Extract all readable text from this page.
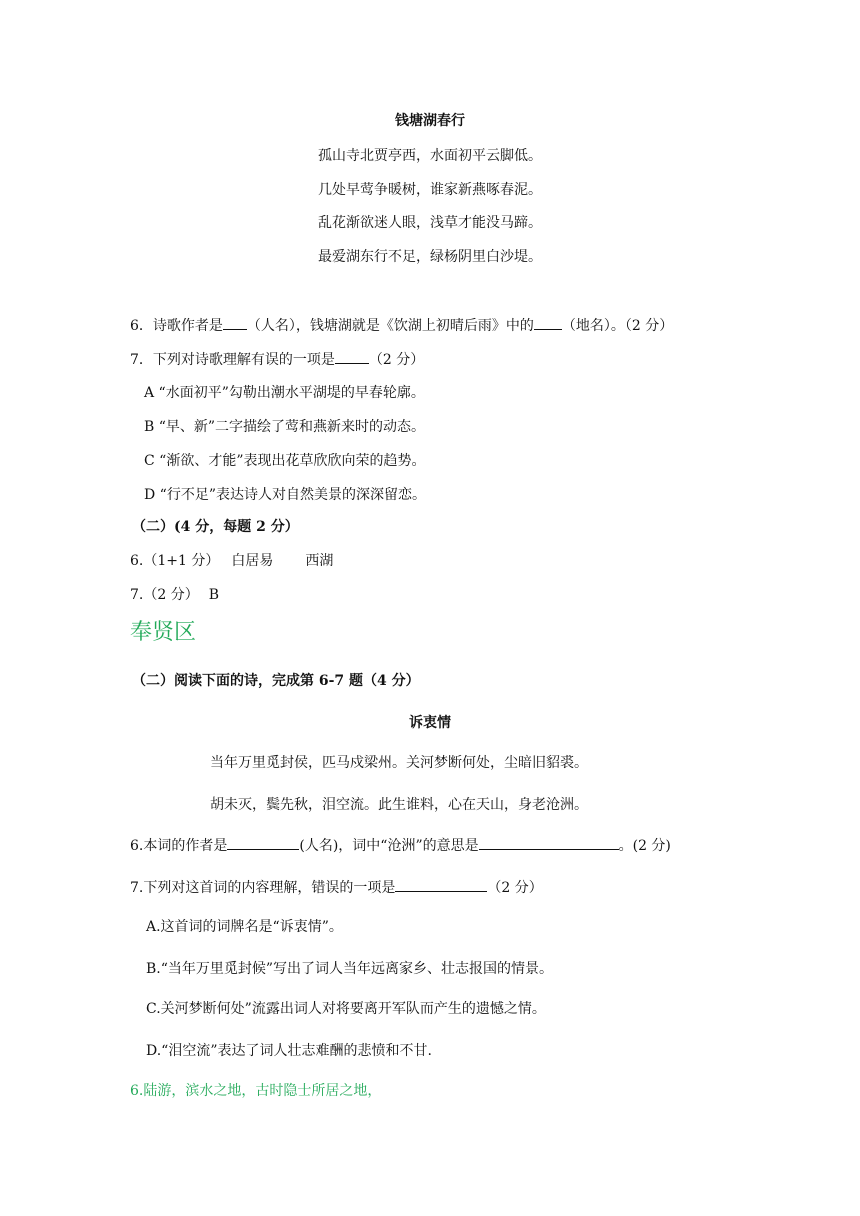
钱塘湖春行
孤山寺北贾亭西，水面初平云脚低。
几处早莺争暖树，谁家新燕啄春泥。
乱花渐欲迷人眼，浅草才能没马蹄。
最爱湖东行不足，绿杨阴里白沙堤。
6．诗歌作者是 （人名），钱塘湖就是《饮湖上初晴后雨》中的 （地名）。（2 分）
7．下列对诗歌理解有误的一项是 （2 分）
A “水面初平”勾勒出潮水平湖堤的早春轮廓。
B “早、新”二字描绘了莺和燕新来时的动态。
C “渐欲、才能”表现出花草欣欣向荣的趋势。
D “行不足”表达诗人对自然美景的深深留恋。
（二）(4 分，每题 2 分）
6.（1+1 分） 白居易 西湖
7.（2 分） B
奉贤区
（二）阅读下面的诗，完成第 6-7 题（4 分）
诉衷情
当年万里觅封侯，匹马戍梁州。关河梦断何处，尘暗旧貂裘。
胡未灭，鬓先秋，泪空流。此生谁料，心在天山，身老沧洲。
6.本词的作者是	(人名)，词中“沧洲”的意思是	。(2 分)
7.下列对这首词的内容理解，错误的一项是	（2 分）
A.这首词的词牌名是“诉衷情”。
B.“当年万里觅封候”写出了词人当年远离家乡、壮志报国的情景。
C.关河梦断何处”流露出词人对将要离开军队而产生的遗憾之情。
D.“泪空流”表达了词人壮志难酬的悲愤和不甘.
6.陆游，滨水之地，古时隐士所居之地，
